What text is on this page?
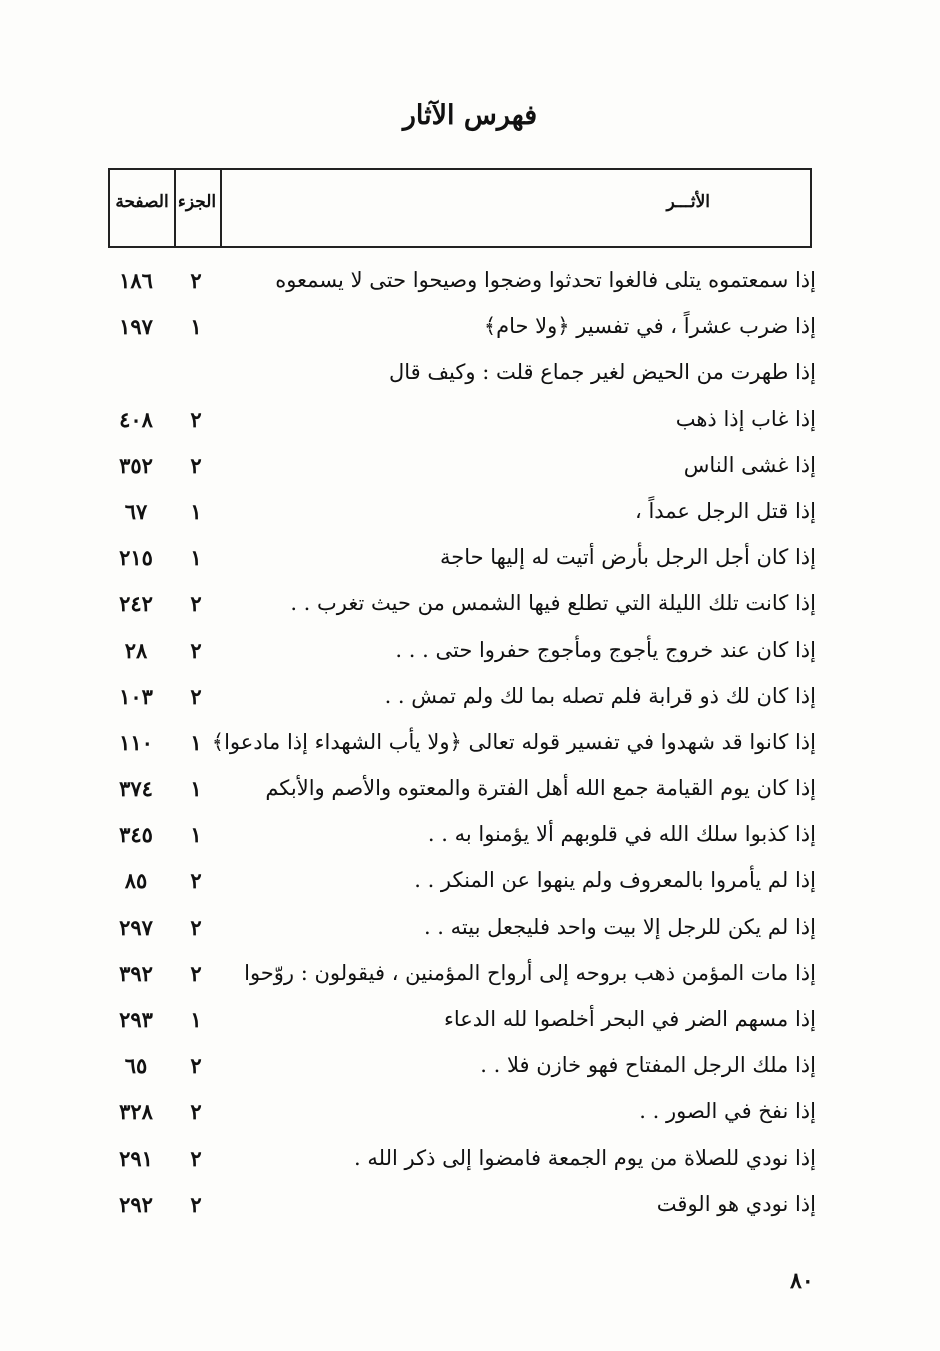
فهرس الآثار
الصفحة الجزء	الأثـــر
إذا سمعتموه يتلى فالغوا تحدثوا وضجوا وصيحوا حتى لا يسمعوه
٢
١٨٦
إذا ضرب عشراً ، في تفسير ﴿ولا حام﴾
١
١٩٧
إذا طهرت من الحيض لغير جماع قلت : وكيف قال
إذا غاب إذا ذهب
٢
٤٠٨
إذا غشى الناس
٢
٣٥٢
إذا قتل الرجل عمداً ،
١
٦٧
إذا كان أجل الرجل بأرض أتيت له إليها حاجة
١
٢١٥
إذا كانت تلك الليلة التي تطلع فيها الشمس من حيث تغرب . .
٢
٢٤٢
إذا كان عند خروج يأجوج ومأجوج حفروا حتى . . .
٢
٢٨
إذا كان لك ذو قرابة فلم تصله بما لك ولم تمش . .
٢
١٠٣
إذا كانوا قد شهدوا في تفسير قوله تعالى ﴿ولا يأب الشهداء إذا مادعوا﴾
١
١١٠
إذا كان يوم القيامة جمع الله أهل الفترة والمعتوه والأصم والأبكم
١
٣٧٤
إذا كذبوا سلك الله في قلوبهم ألا يؤمنوا به . .
١
٣٤٥
إذا لم يأمروا بالمعروف ولم ينهوا عن المنكر . .
٢
٨٥
إذا لم يكن للرجل إلا بيت واحد فليجعل بيته . .
٢
٢٩٧
إذا مات المؤمن ذهب بروحه إلى أرواح المؤمنين ، فيقولون : روّحوا
٢
٣٩٢
إذا مسهم الضر في البحر أخلصوا لله الدعاء
١
٢٩٣
إذا ملك الرجل المفتاح فهو خازن فلا . .
٢
٦٥
إذا نفخ في الصور . .
٢
٣٢٨
إذا نودي للصلاة من يوم الجمعة فامضوا إلى ذكر الله .
٢
٢٩١
إذا نودي هو الوقت
٢
٢٩٢
٨٠
